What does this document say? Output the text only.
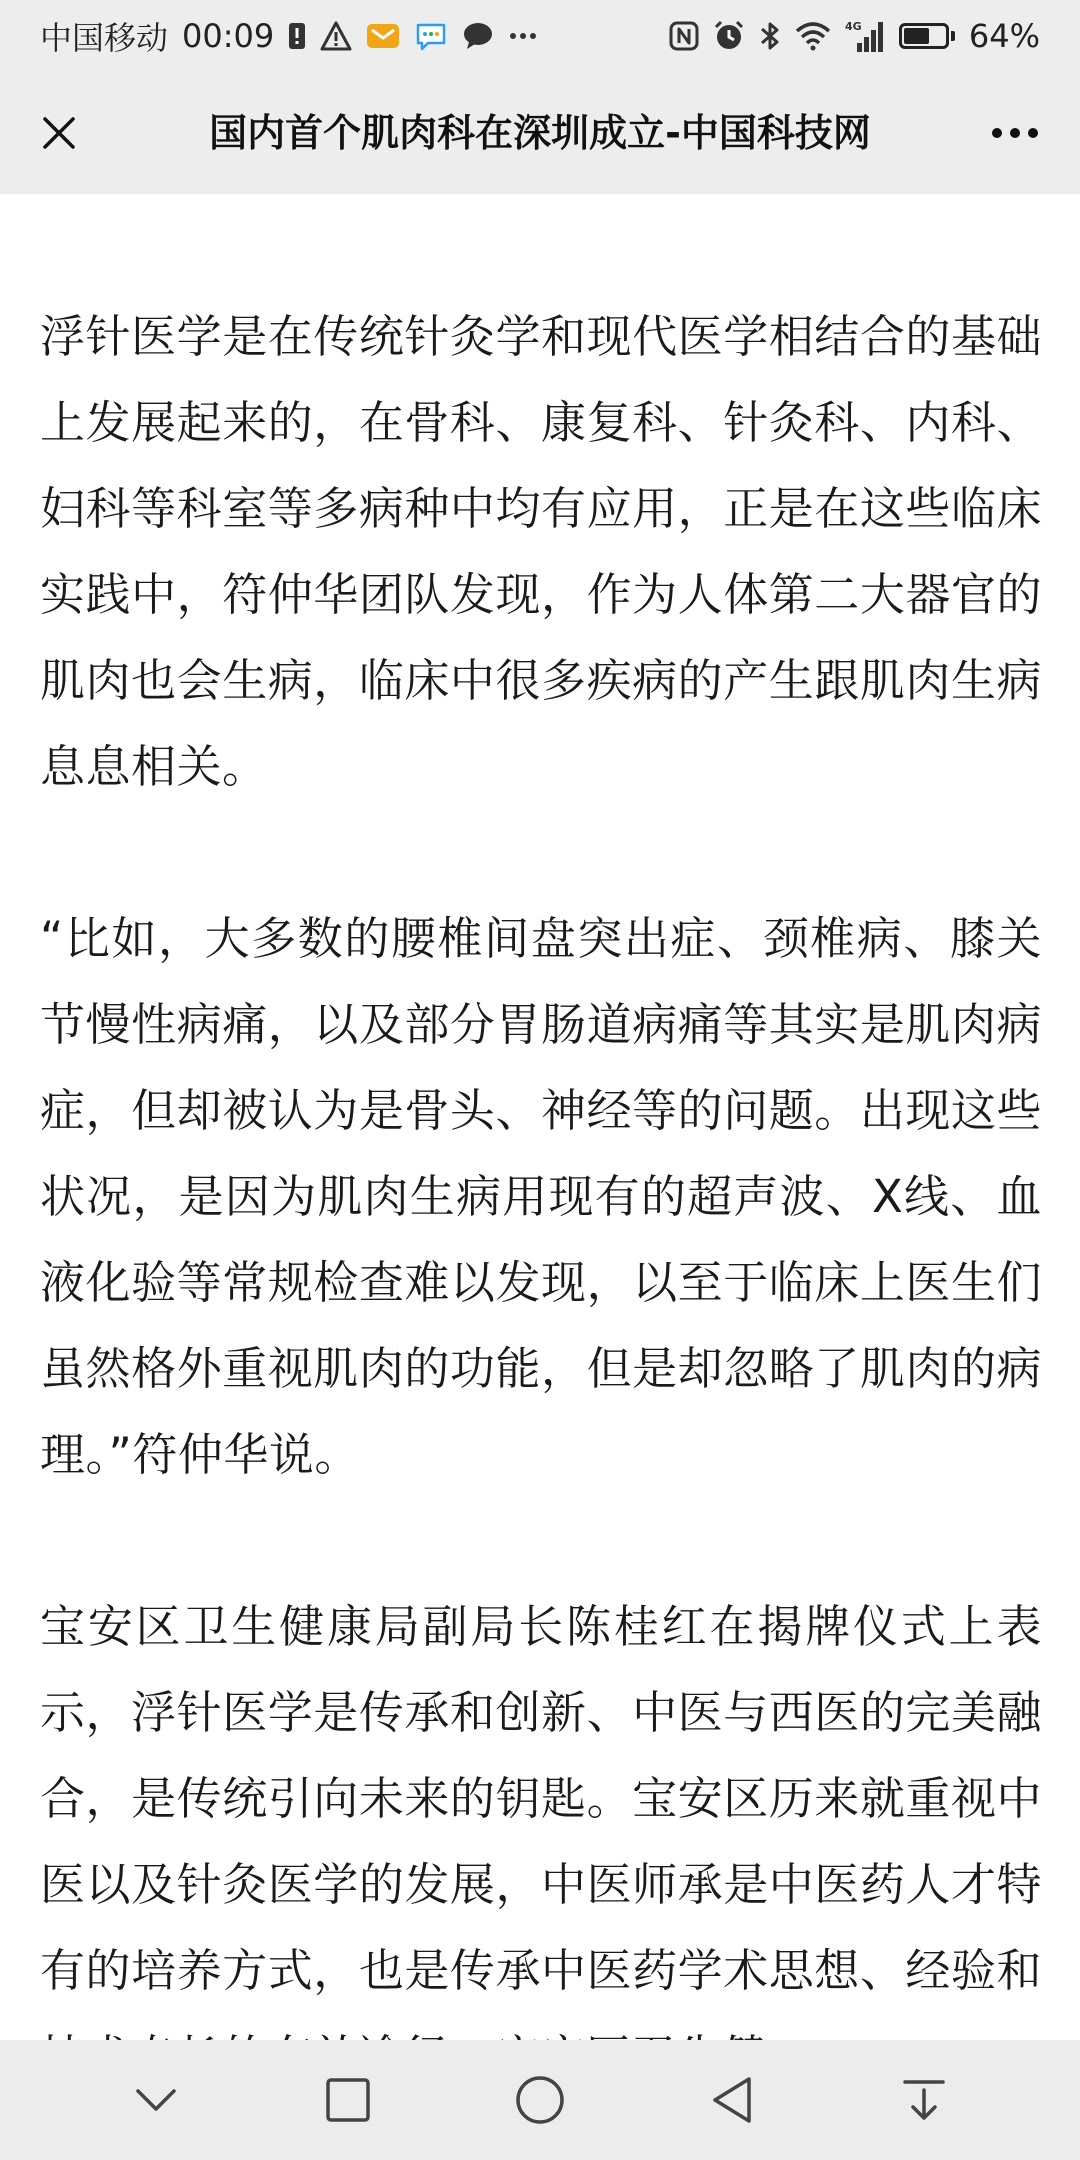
中国移动 00:09	4G	64%
国内首个肌肉科在深圳成立-中国科技网

浮针医学是在传统针灸学和现代医学相结合的基础上发展起来的，在骨科、康复科、针灸科、内科、妇科等科室等多病种中均有应用，正是在这些临床实践中，符仲华团队发现，作为人体第二大器官的肌肉也会生病，临床中很多疾病的产生跟肌肉生病息息相关。

“比如，大多数的腰椎间盘突出症、颈椎病、膝关节慢性病痛，以及部分胃肠道病痛等其实是肌肉病症，但却被认为是骨头、神经等的问题。出现这些状况，是因为肌肉生病用现有的超声波、X线、血液化验等常规检查难以发现，以至于临床上医生们虽然格外重视肌肉的功能，但是却忽略了肌肉的病理。”符仲华说。

宝安区卫生健康局副局长陈桂红在揭牌仪式上表示，浮针医学是传承和创新、中医与西医的完美融合，是传统引向未来的钥匙。宝安区历来就重视中医以及针灸医学的发展，中医师承是中医药人才特有的培养方式，也是传承中医药学术思想、经验和
